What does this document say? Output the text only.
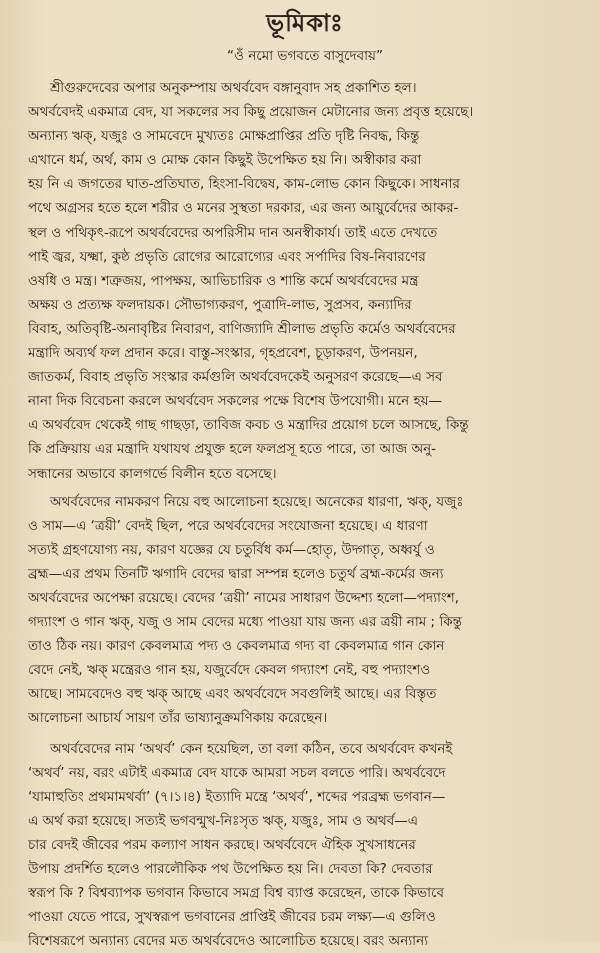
ভূমিকাঃ
“ওঁ নমো ভগবতে বাসুদেবায়”
শ্রীগুরুদেবের অপার অনুকম্পায় অথর্ববেদ বঙ্গানুবাদ সহ প্রকাশিত হল।
অথর্ববেদই একমাত্র বেদ, যা সকলের সব কিছু প্রয়োজন মেটানোর জন্য প্রবৃত্ত হয়েছে।
অন্যান্য ঋক্, যজুঃ ও সামবেদে মুখ্যতঃ মোক্ষপ্রাপ্তির প্রতি দৃষ্টি নিবদ্ধ, কিন্তু
এখানে ধর্ম, অর্থ, কাম ও মোক্ষ কোন কিছুই উপেক্ষিত হয় নি। অস্বীকার করা
হয় নি এ জগতের ঘাত-প্রতিঘাত, হিংসা-বিদ্বেষ, কাম-লোভ কোন কিছুকে। সাধনার
পথে অগ্রসর হতে হলে শরীর ও মনের সুস্থতা দরকার, এর জন্য আয়ুর্বেদের আকর-
স্থল ও পথিকৃৎ-রূপে অথর্ববেদের অপরিসীম দান অনস্বীকার্য। তাই এতে দেখতে
পাই জ্বর, যক্ষ্মা, কুষ্ঠ প্রভৃতি রোগের আরোগ্যের এবং সর্পাদির বিষ-নিবারণের
ওষধি ও মন্ত্র। শত্রুজয়, পাপক্ষয়, আভিচারিক ও শান্তি কর্মে অথর্ববেদের মন্ত্র
অক্ষয় ও প্রত্যক্ষ ফলদায়ক। সৌভাগ্যকরণ, পুত্রাদি-লাভ, সুপ্রসব, কন্যাদির
বিবাহ, অতিবৃষ্টি-অনাবৃষ্টির নিবারণ, বাণিজ্যাদি শ্রীলাভ প্রভৃতি কর্মেও অথর্ববেদের
মন্ত্রাদি অব্যর্থ ফল প্রদান করে। বাস্তু-সংস্কার, গৃহপ্রবেশ, চূড়াকরণ, উপনয়ন,
জাতকর্ম, বিবাহ প্রভৃতি সংস্কার কর্মগুলি অথর্ববেদকেই অনুসরণ করেছে—এ সব
নানা দিক বিবেচনা করলে অথর্ববেদ সকলের পক্ষে বিশেষ উপযোগী। মনে হয়—
এ অথর্ববেদ থেকেই গাছ গাছড়া, তাবিজ কবচ ও মন্ত্রাদির প্রয়োগ চলে আসছে, কিন্তু
কি প্রক্রিয়ায় এর মন্ত্রাদি যথাযথ প্রযুক্ত হলে ফলপ্রসূ হতে পারে, তা আজ অনু-
সন্ধানের অভাবে কালগর্ভে বিলীন হতে বসেছে।
অথর্ববেদের নামকরণ নিয়ে বহু আলোচনা হয়েছে। অনেকের ধারণা, ঋক্, যজুঃ
ও সাম—এ ‘ত্রয়ী’ বেদই ছিল, পরে অথর্ববেদের সংযোজনা হয়েছে। এ ধারণা
সত্যই গ্রহণযোগ্য নয়, কারণ যজ্ঞের যে চতুর্বিধ কর্ম—হোতৃ, উদ্গাতৃ, অধ্বর্যু ও
ব্রহ্ম—এর প্রথম তিনটি ঋগাদি বেদের দ্বারা সম্পন্ন হলেও চতুর্থ ব্রহ্ম-কর্মের জন্য
অথর্ববেদের অপেক্ষা রয়েছে। বেদের ‘ত্রয়ী’ নামের সাধারণ উদ্দেশ্য হলো—পদ্যাংশ,
গদ্যাংশ ও গান ঋক্, যজু ও সাম বেদের মধ্যে পাওয়া যায় জন্য এর ত্রয়ী নাম ; কিন্তু
তাও ঠিক নয়। কারণ কেবলমাত্র পদ্য ও কেবলমাত্র গদ্য বা কেবলমাত্র গান কোন
বেদে নেই, ঋক্ মন্ত্রেরও গান হয়, যজুর্বেদে কেবল গদ্যাংশ নেই, বহু পদ্যাংশও
আছে। সামবেদেও বহু ঋক্ আছে এবং অথর্ববেদে সবগুলিই আছে। এর বিস্তৃত
আলোচনা আচার্য সায়ণ তাঁর ভাষ্যানুক্রমণিকায় করেছেন।
অথর্ববেদের নাম ‘অথর্ব’ কেন হয়েছিল, তা বলা কঠিন, তবে অথর্ববেদ কখনই
‘অথর্ব’ নয়, বরং এটাই একমাত্র বেদ যাকে আমরা সচল বলতে পারি। অথর্ববেদে
‘যামাহুতিং প্রথমামথর্বা’ (৭।১।৪) ইত্যাদি মন্ত্রে ‘অথর্ব’, শব্দের পরব্রহ্ম ভগবান—
এ অর্থ করা হয়েছে। সত্যই ভগবন্মুখ-নিঃসৃত ঋক্, যজুঃ, সাম ও অথর্ব—এ
চার বেদই জীবের পরম কল্যাণ সাধন করছে। অথর্ববেদে ঐহিক সুখসাধনের
উপায় প্রদর্শিত হলেও পারলৌকিক পথ উপেক্ষিত হয় নি। দেবতা কি? দেবতার
স্বরূপ কি ? বিশ্বব্যাপক ভগবান কিভাবে সমগ্র বিশ্ব ব্যাপ্ত করেছেন, তাকে কিভাবে
পাওয়া যেতে পারে, সুখস্বরূপ ভগবানের প্রাপ্তিই জীবের চরম লক্ষ্য—এ গুলিও
বিশেষরূপে অন্যান্য বেদের মত অথর্ববেদেও আলোচিত হয়েছে। বরং অন্যান্য
